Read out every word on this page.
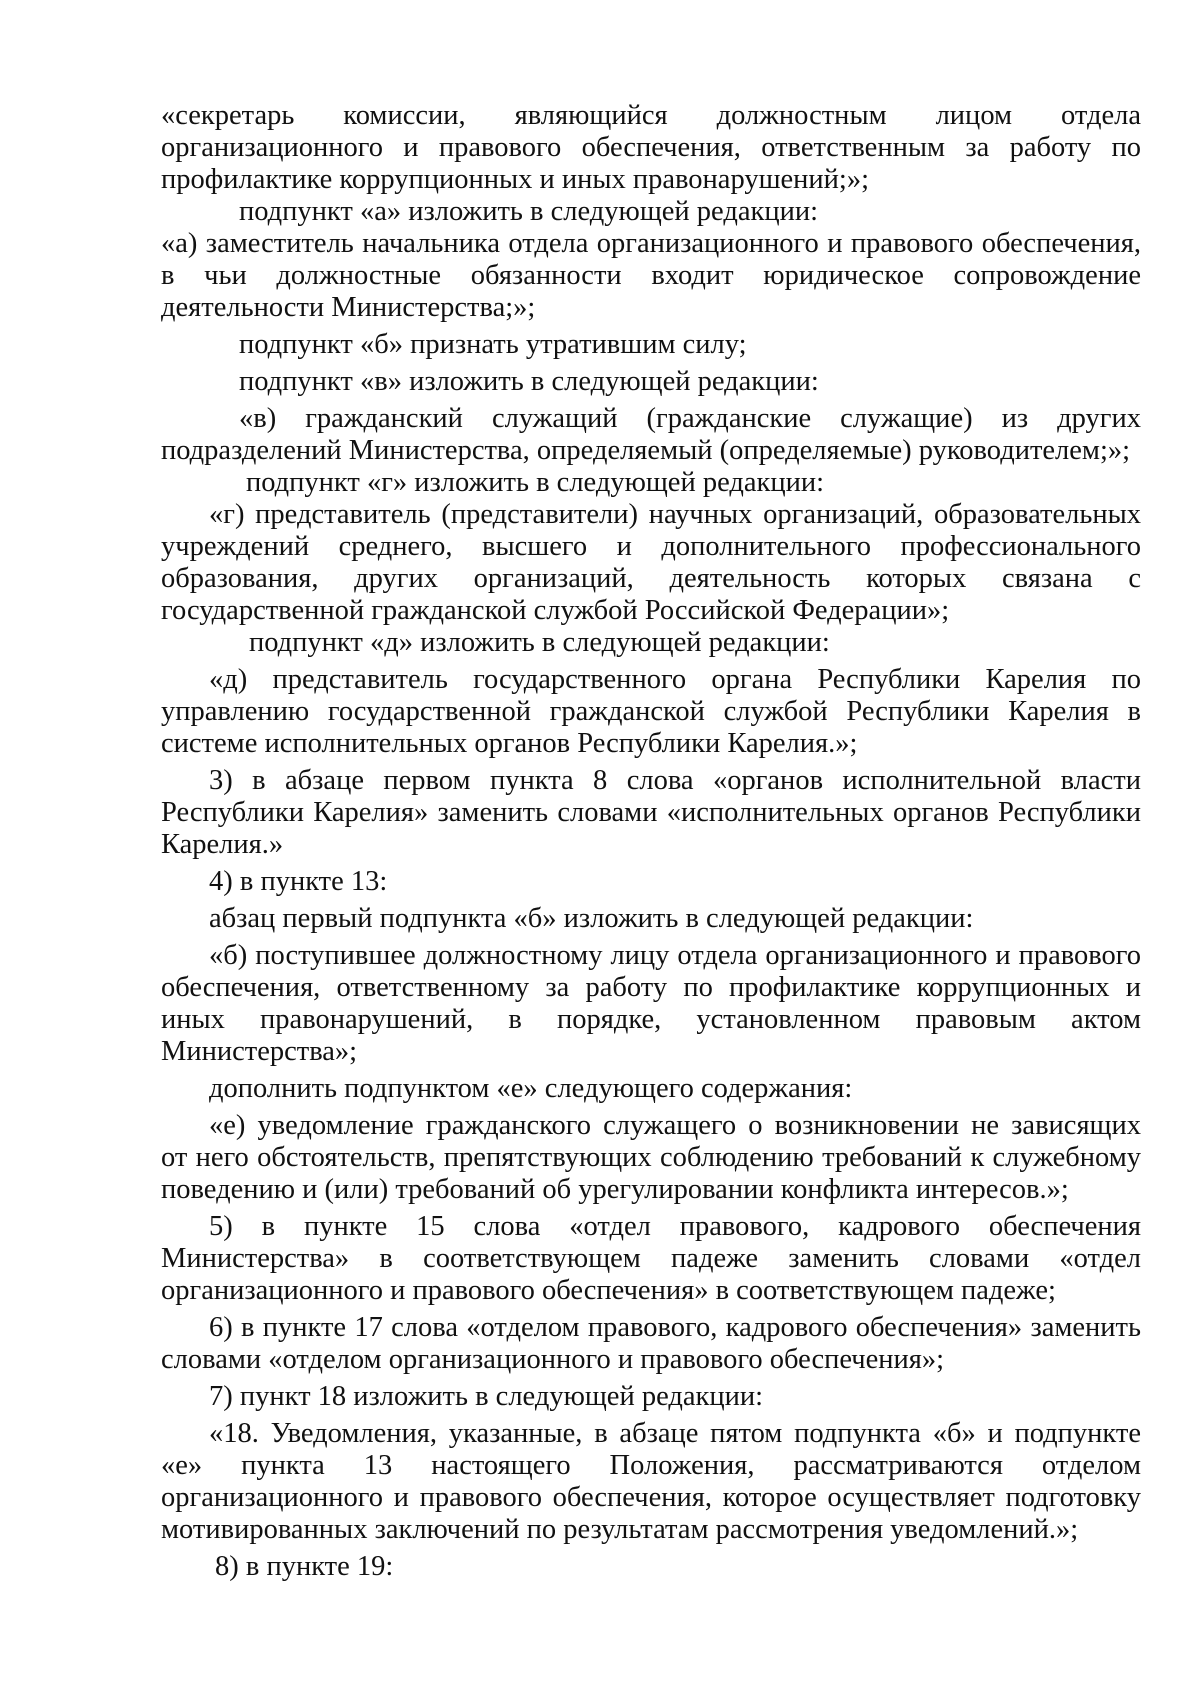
«секретарь комиссии, являющийся должностным лицом отдела

организационного и правового обеспечения, ответственным за работу по

профилактике коррупционных и иных правонарушений;»;

подпункт «а» изложить в следующей редакции:

«а) заместитель начальника отдела организационного и правового обеспечения,

в чьи должностные обязанности входит юридическое сопровождение

деятельности Министерства;»;

подпункт «б» признать утратившим силу;

подпункт «в» изложить в следующей редакции:

«в) гражданский служащий (гражданские служащие) из других

подразделений Министерства, определяемый (определяемые) руководителем;»;

подпункт «г» изложить в следующей редакции:

«г) представитель (представители) научных организаций, образовательных

учреждений среднего, высшего и дополнительного профессионального

образования, других организаций, деятельность которых связана с

государственной гражданской службой Российской Федерации»;

подпункт «д» изложить в следующей редакции:

«д) представитель государственного органа Республики Карелия по

управлению государственной гражданской службой Республики Карелия в

системе исполнительных органов Республики Карелия.»;

3) в абзаце первом пункта 8 слова «органов исполнительной власти

Республики Карелия» заменить словами «исполнительных органов Республики

Карелия.»

4) в пункте 13:

абзац первый подпункта «б» изложить в следующей редакции:

«б) поступившее должностному лицу отдела организационного и правового

обеспечения, ответственному за работу по профилактике коррупционных и

иных правонарушений, в порядке, установленном правовым актом

Министерства»;

дополнить подпунктом «е» следующего содержания:

«е) уведомление гражданского служащего о возникновении не зависящих

от него обстоятельств, препятствующих соблюдению требований к служебному

поведению и (или) требований об урегулировании конфликта интересов.»;

5) в пункте 15 слова «отдел правового, кадрового обеспечения

Министерства» в соответствующем падеже заменить словами «отдел

организационного и правового обеспечения» в соответствующем падеже;

6) в пункте 17 слова «отделом правового, кадрового обеспечения» заменить

словами «отделом организационного и правового обеспечения»;

7) пункт 18 изложить в следующей редакции:

«18. Уведомления, указанные, в абзаце пятом подпункта «б» и подпункте

«е» пункта 13 настоящего Положения, рассматриваются отделом

организационного и правового обеспечения, которое осуществляет подготовку

мотивированных заключений по результатам рассмотрения уведомлений.»;

8) в пункте 19:
